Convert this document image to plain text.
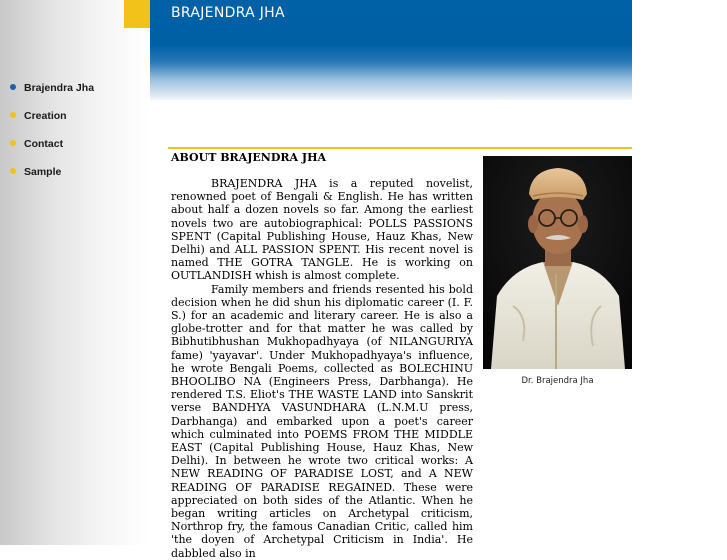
BRAJENDRA JHA
Brajendra Jha
Creation
Contact
Sample
ABOUT BRAJENDRA JHA

BRAJENDRA JHA is a reputed novelist, renowned poet of Bengali & English. He has written about half a dozen novels so far. Among the earliest novels two are autobiographical: POLLS PASSIONS SPENT (Capital Publishing House, Hauz Khas, New Delhi) and ALL PASSION SPENT. His recent novel is named THE GOTRA TANGLE. He is working on OUTLANDISH whish is almost complete.

Family members and friends resented his bold decision when he did shun his diplomatic career (I. F. S.) for an academic and literary career. He is also a globe-trotter and for that matter he was called by Bibhutibhushan Mukhopadhyaya (of NILANGURIYA fame) 'yayavar'. Under Mukhopadhyaya's influence, he wrote Bengali Poems, collected as BOLECHINU BHOOLIBO NA (Engineers Press, Darbhanga). He rendered T.S. Eliot's THE WASTE LAND into Sanskrit verse BANDHYA VASUNDHARA (L.N.M.U press, Darbhanga) and embarked upon a poet's career which culminated into POEMS FROM THE MIDDLE EAST (Capital Publishing House, Hauz Khas, New Delhi). In between he wrote two critical works: A NEW READING OF PARADISE LOST, and A NEW READING OF PARADISE REGAINED. These were appreciated on both sides of the Atlantic. When he began writing articles on Archetypal criticism, Northrop fry, the famous Canadian Critic, called him 'the doyen of Archetypal Criticism in India'. He dabbled also in

Dr. Brajendra Jha
